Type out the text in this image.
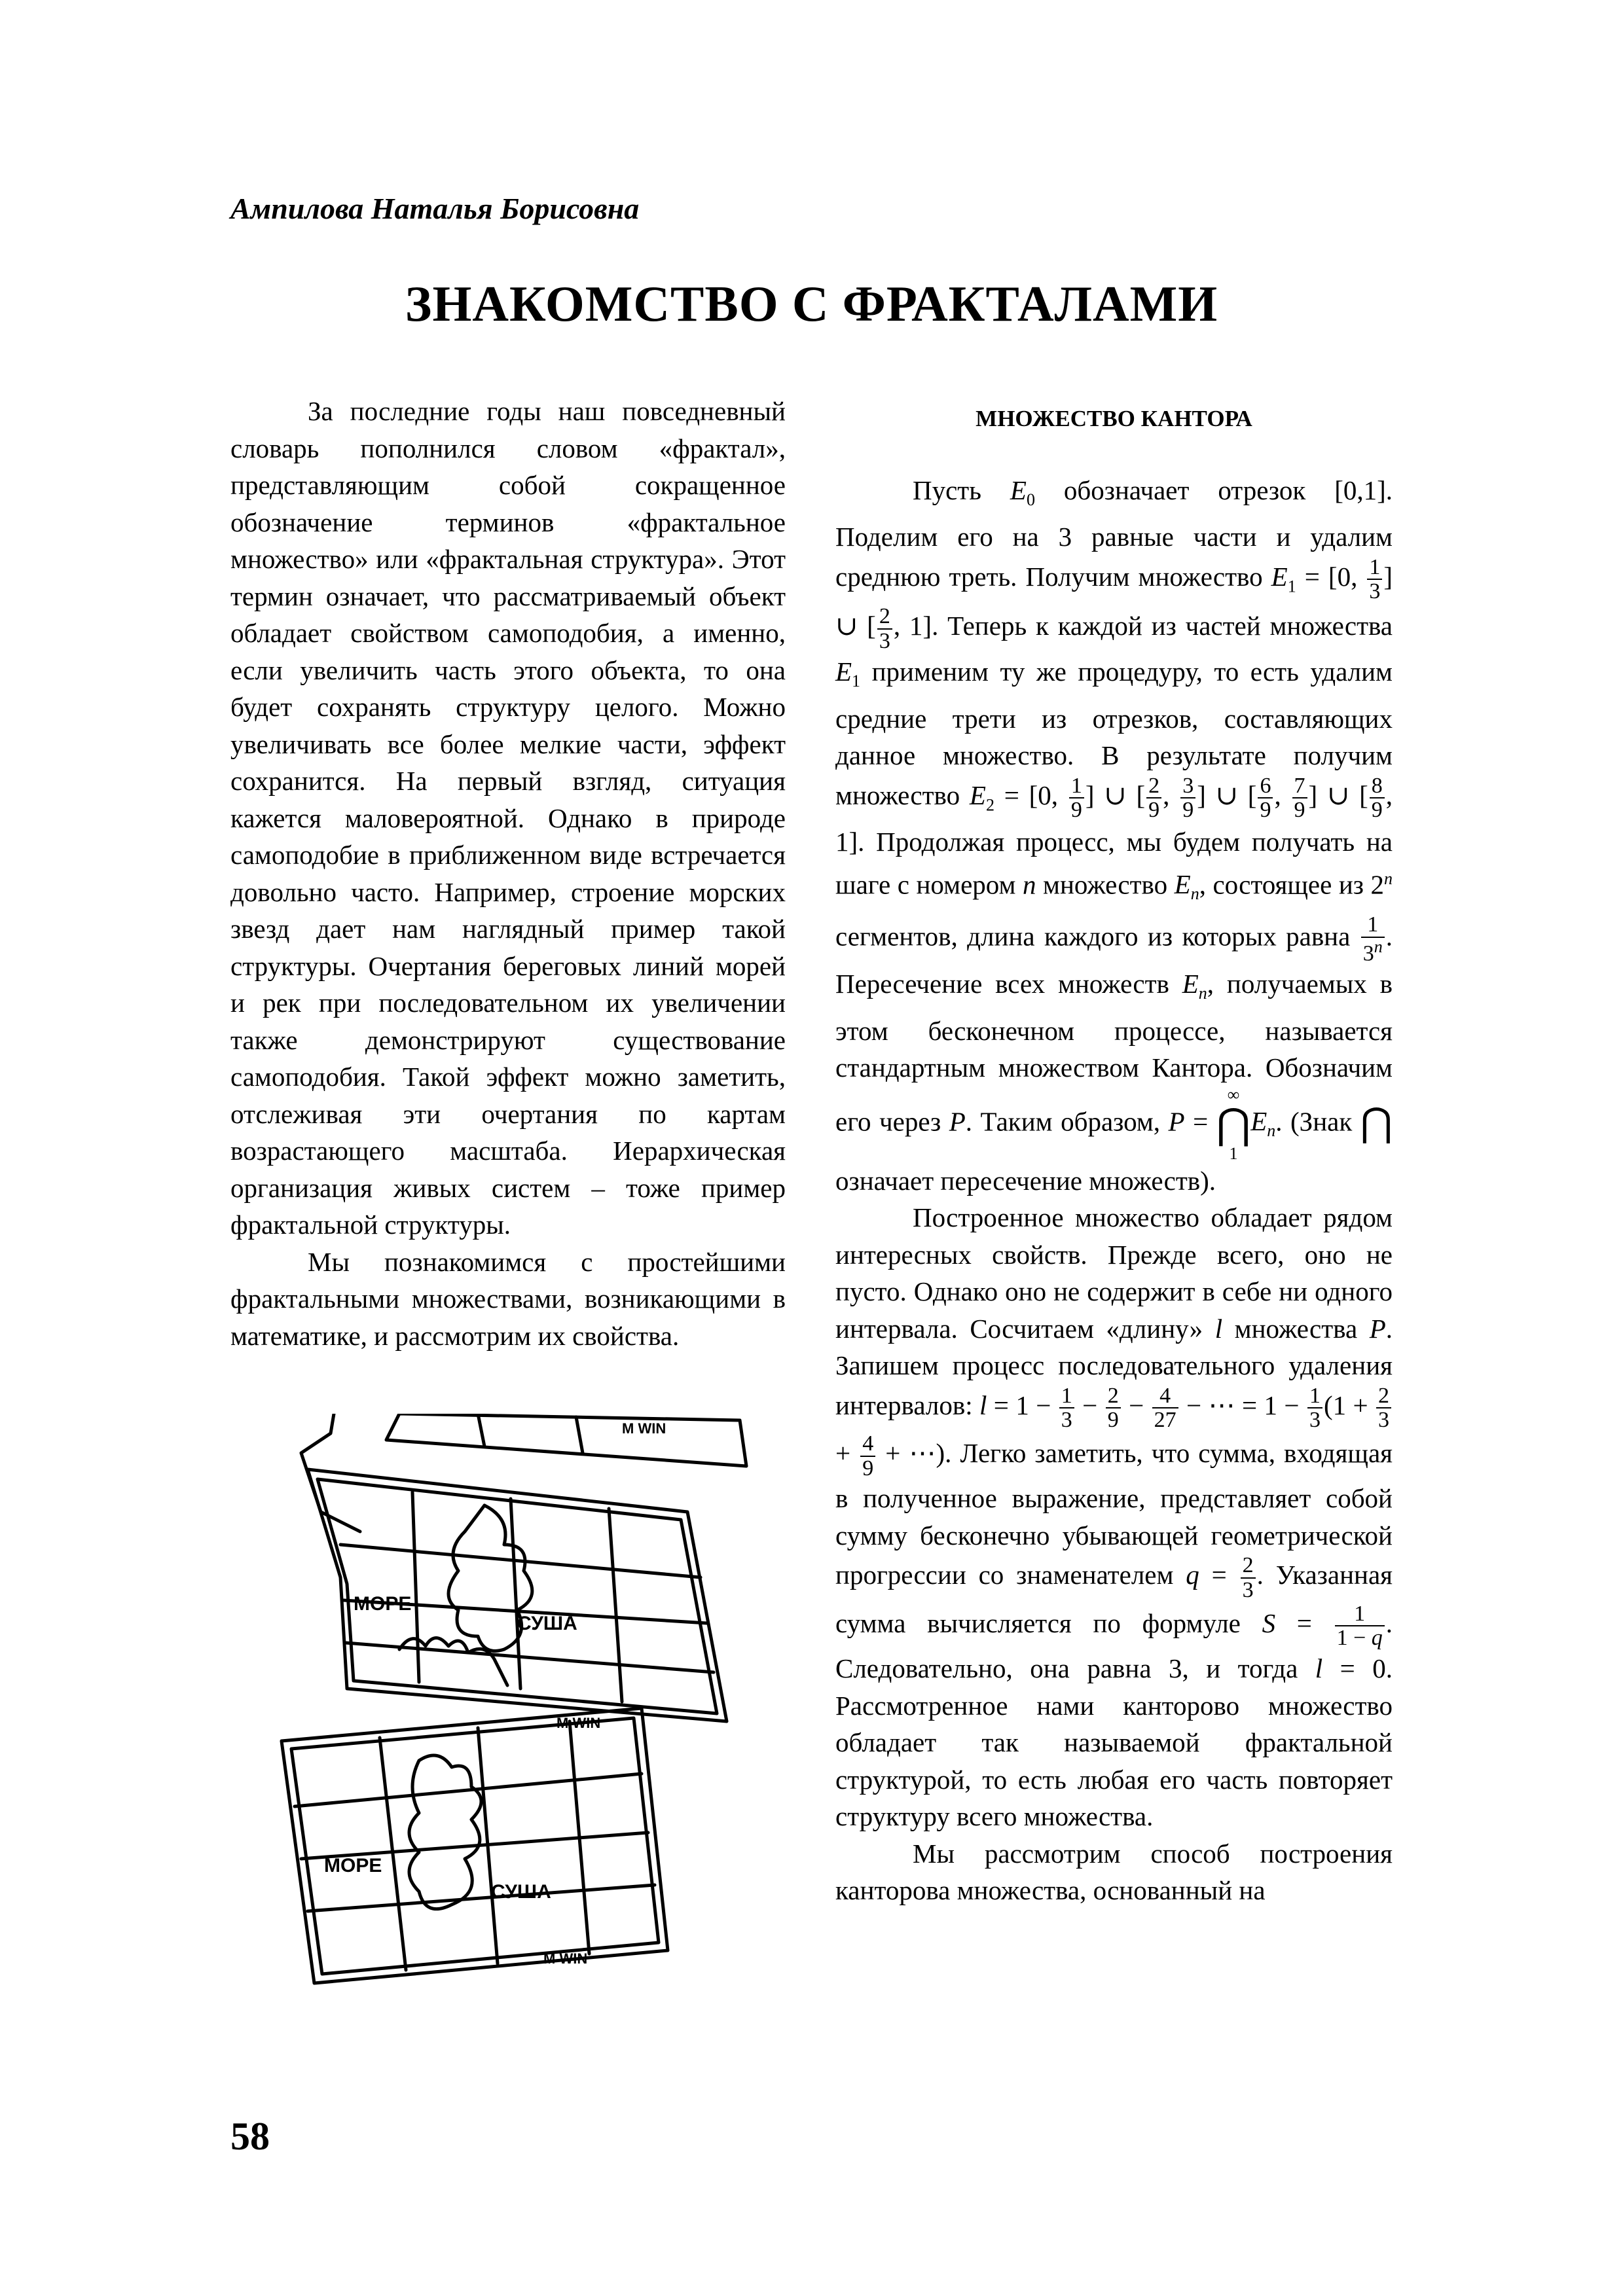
Ампилова Наталья Борисовна
ЗНАКОМСТВО С ФРАКТАЛАМИ

За последние годы наш повседневный словарь пополнился словом «фрактал», представляющим собой сокращенное обозначение терминов «фрактальное множество» или «фрактальная структура». Этот термин означает, что рассматриваемый объект обладает свойством самоподобия, а именно, если увеличить часть этого объекта, то она будет сохранять структуру целого. Можно увеличивать все более мелкие части, эффект сохранится. На первый взгляд, ситуация кажется маловероятной. Однако в природе самоподобие в приближенном виде встречается довольно часто. Например, строение морских звезд дает нам наглядный пример такой структуры. Очертания береговых линий морей и рек при последовательном их увеличении также демонстрируют существование самоподобия. Такой эффект можно заметить, отслеживая эти очертания по картам возрастающего масштаба. Иерархическая организация живых систем – тоже пример фрактальной структуры.

Мы познакомимся с простейшими фрактальными множествами, возникающими в математике, и рассмотрим их свойства.

МОРЕ
СУША
МОРЕ
СУША
M WIN
M WIN
M WIN
МНОЖЕСТВО КАНТОРА

Пусть $E_0$ обозначает отрезок [0,1]. Поделим его на 3 равные части и удалим среднюю треть. Получим множество $E_1 = [0$, $\frac{1}{3}$ ] ∪ [ $\frac{2}{3}$ , 1]. Теперь к каждой из частей множества $E_1$ применим ту же процедуру, то есть удалим средние трети из отрезков, составляющих данное множество. В результате получим множество $E_2 = [0$, $\frac{1}{9}$ ] ∪ [ $\frac{2}{9}$ , $\frac{3}{9}$ ] ∪ [ $\frac{6}{9}$ , $\frac{7}{9}$ ] ∪ [ $\frac{8}{9}$ , 1]. Продолжая процесс, мы будем получать на шаге с номером n множество $E_n$, состоящее из 2$^n$ сегментов, длина каждого из которых равна $\frac{1}{3^n}$ . Пересечение всех множеств $E_n$, получаемых в этом бесконечном процессе, называется стандартным множеством Кантора. Обозначим его через P. Таким образом, P = ∞
⋂
$1E_n$. (Знак ⋂ означает пересечение множеств).

Построенное множество обладает рядом интересных свойств. Прежде всего, оно не пусто. Однако оно не содержит в себе ни одного интервала. Сосчитаем «длину» l множества P. Запишем процесс последовательного удаления интервалов: $l = 1 - \frac{1}{3} - \frac{2}{9} - \frac{4}{27}$ − ⋯ = $1 - \frac{1}{3} (1 + \frac{2}{3}$
+ $\frac{4}{9}$ + ⋯). Легко заметить, что сумма, входящая в полученное выражение, представляет собой сумму бесконечно убывающей геометрической прогрессии со знаменателем $q = \frac{2}{3}$ . Указанная сумма вычисляется по формуле $S = \frac{1}{1 - q}$ . Следовательно, она равна 3, и тогда l = 0. Рассмотренное нами канторово множество обладает так называемой фрактальной структурой, то есть любая его часть повторяет структуру всего множества.

Мы рассмотрим способ построения канторова множества, основанный на

58
